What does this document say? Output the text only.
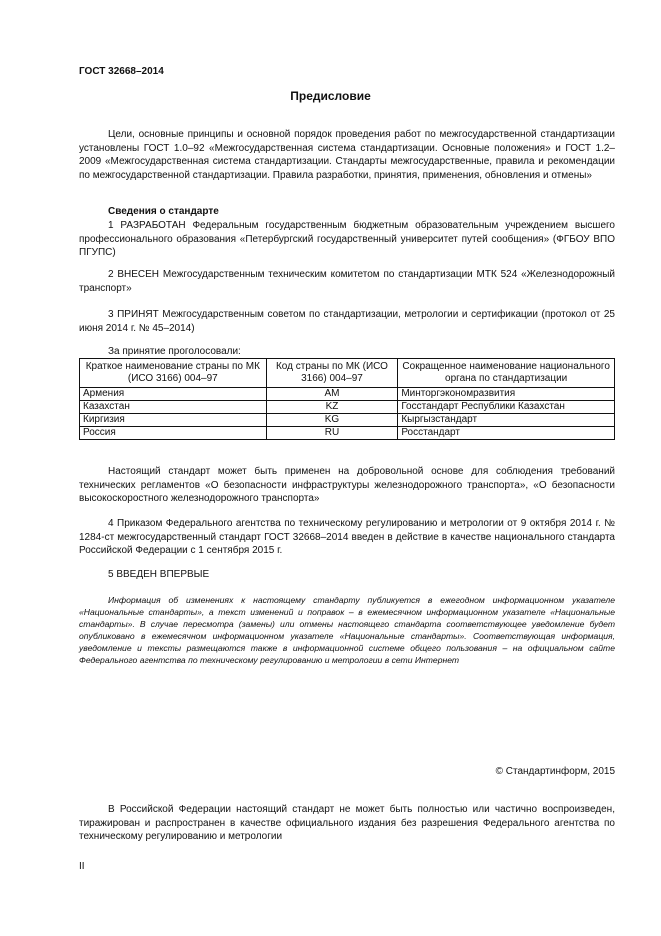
ГОСТ 32668–2014
Предисловие
Цели, основные принципы и основной порядок проведения работ по межгосударственной стандартизации установлены ГОСТ 1.0–92 «Межгосударственная система стандартизации. Основные положения» и ГОСТ 1.2–2009 «Межгосударственная система стандартизации. Стандарты межгосударственные, правила и рекомендации по межгосударственной стандартизации. Правила разработки, принятия, применения, обновления и отмены»
Сведения о стандарте
1 РАЗРАБОТАН Федеральным государственным бюджетным образовательным учреждением высшего профессионального образования «Петербургский государственный университет путей сообщения» (ФГБОУ ВПО ПГУПС)
2 ВНЕСЕН Межгосударственным техническим комитетом по стандартизации МТК 524 «Железнодорожный транспорт»
3 ПРИНЯТ Межгосударственным советом по стандартизации, метрологии и сертификации (протокол от 25 июня 2014 г. № 45–2014)
За принятие проголосовали:
Краткое наименование страны по МК (ИСО 3166) 004–97	Код страны по МК (ИСО 3166) 004–97	Сокращенное наименование национального органа по стандартизации
Армения	AM	Минторгэкономразвития
Казахстан	KZ	Госстандарт Республики Казахстан
Киргизия	KG	Кыргызстандарт
Россия	RU	Росстандарт
Настоящий стандарт может быть применен на добровольной основе для соблюдения требований технических регламентов «О безопасности инфраструктуры железнодорожного транспорта», «О безопасности высокоскоростного железнодорожного транспорта»
4 Приказом Федерального агентства по техническому регулированию и метрологии от 9 октября 2014 г. № 1284-ст межгосударственный стандарт ГОСТ 32668–2014 введен в действие в качестве национального стандарта Российской Федерации с 1 сентября 2015 г.
5 ВВЕДЕН ВПЕРВЫЕ
Информация об изменениях к настоящему стандарту публикуется в ежегодном информационном указателе «Национальные стандарты», а текст изменений и поправок – в ежемесячном информационном указателе «Национальные стандарты». В случае пересмотра (замены) или отмены настоящего стандарта соответствующее уведомление будет опубликовано в ежемесячном информационном указателе «Национальные стандарты». Соответствующая информация, уведомление и тексты размещаются также в информационной системе общего пользования – на официальном сайте Федерального агентства по техническому регулированию и метрологии в сети Интернет
© Стандартинформ, 2015
В Российской Федерации настоящий стандарт не может быть полностью или частично воспроизведен, тиражирован и распространен в качестве официального издания без разрешения Федерального агентства по техническому регулированию и метрологии
II
